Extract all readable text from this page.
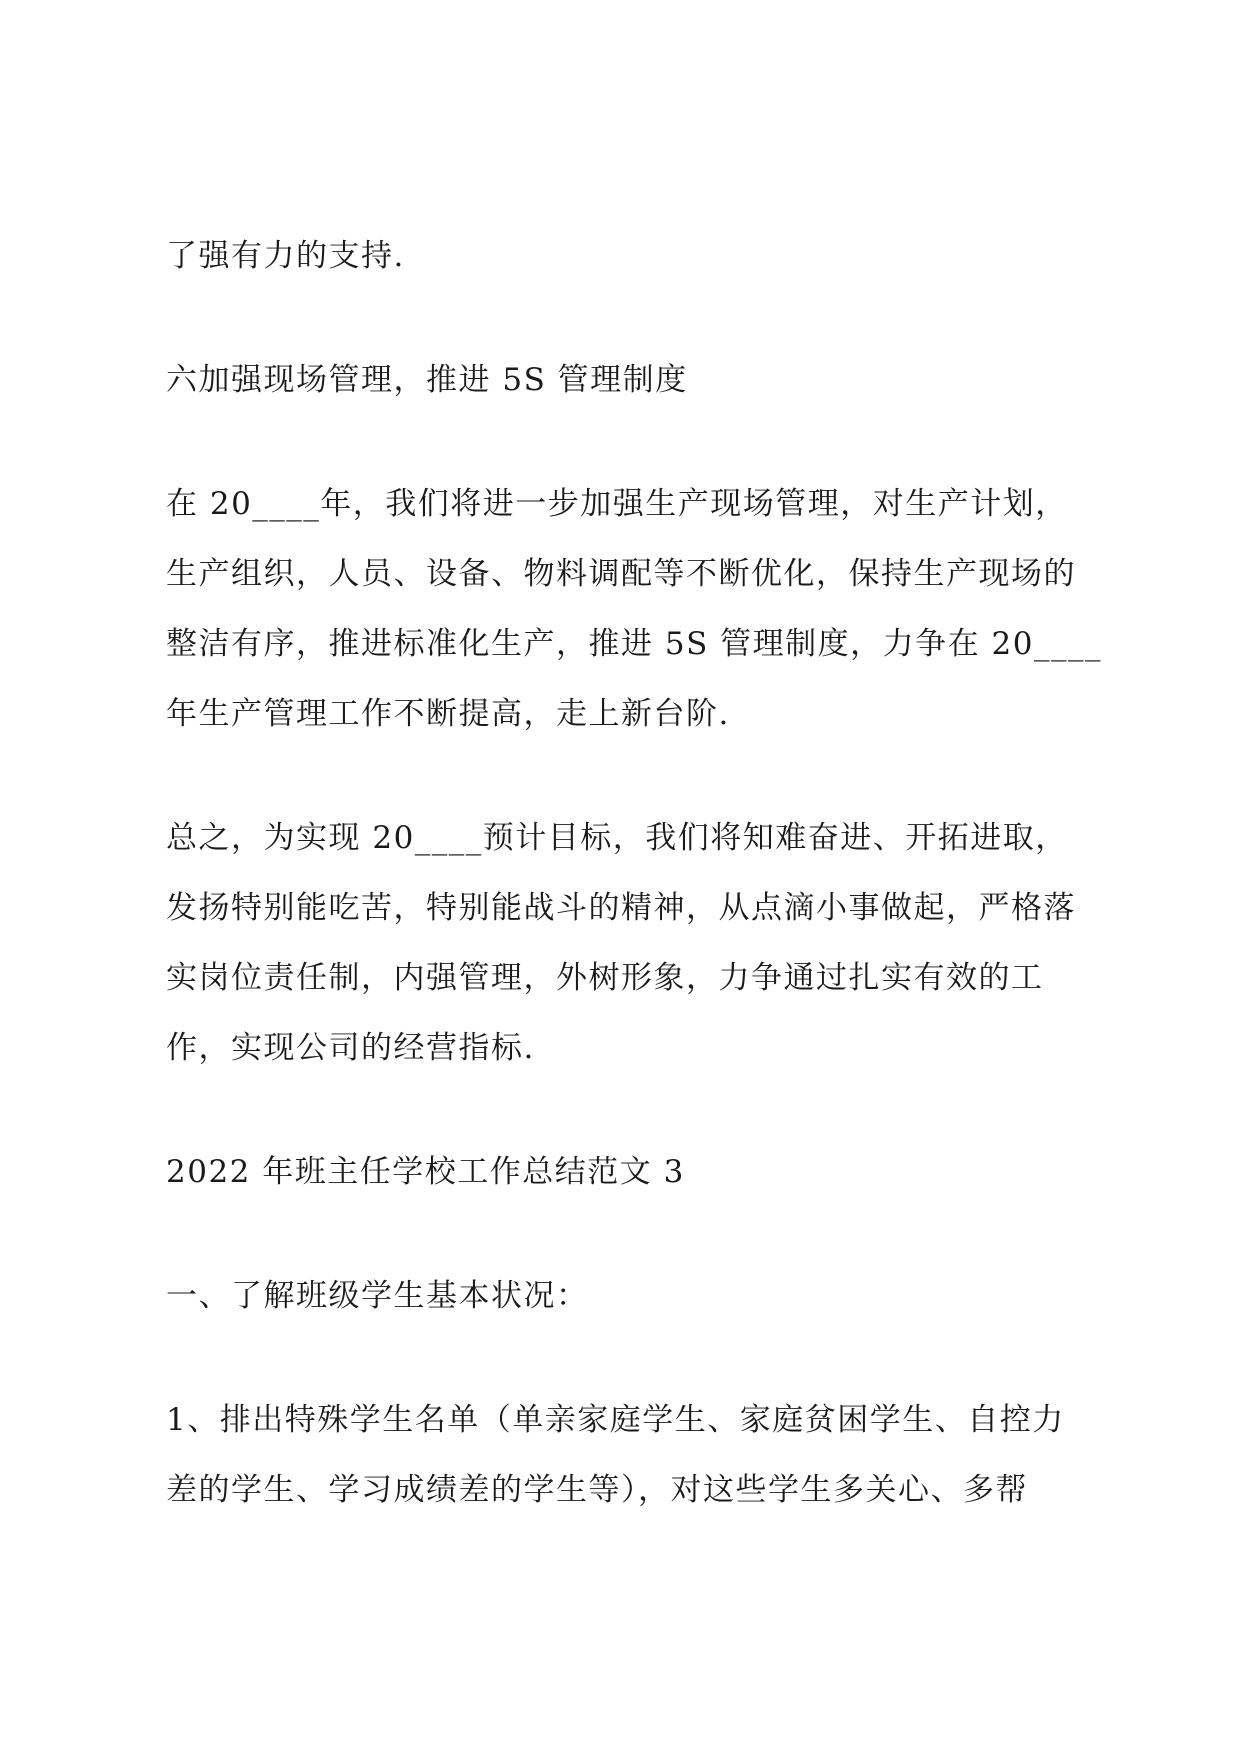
了强有力的支持.
六加强现场管理，推进 5S 管理制度
在 20____年，我们将进一步加强生产现场管理，对生产计划，
生产组织，人员、设备、物料调配等不断优化，保持生产现场的
整洁有序，推进标准化生产，推进 5S 管理制度，力争在 20____
年生产管理工作不断提高，走上新台阶.
总之，为实现 20____预计目标，我们将知难奋进、开拓进取，
发扬特别能吃苦，特别能战斗的精神，从点滴小事做起，严格落
实岗位责任制，内强管理，外树形象，力争通过扎实有效的工
作，实现公司的经营指标.
2022 年班主任学校工作总结范文 3
一、了解班级学生基本状况：
1、排出特殊学生名单（单亲家庭学生、家庭贫困学生、自控力
差的学生、学习成绩差的学生等），对这些学生多关心、多帮
